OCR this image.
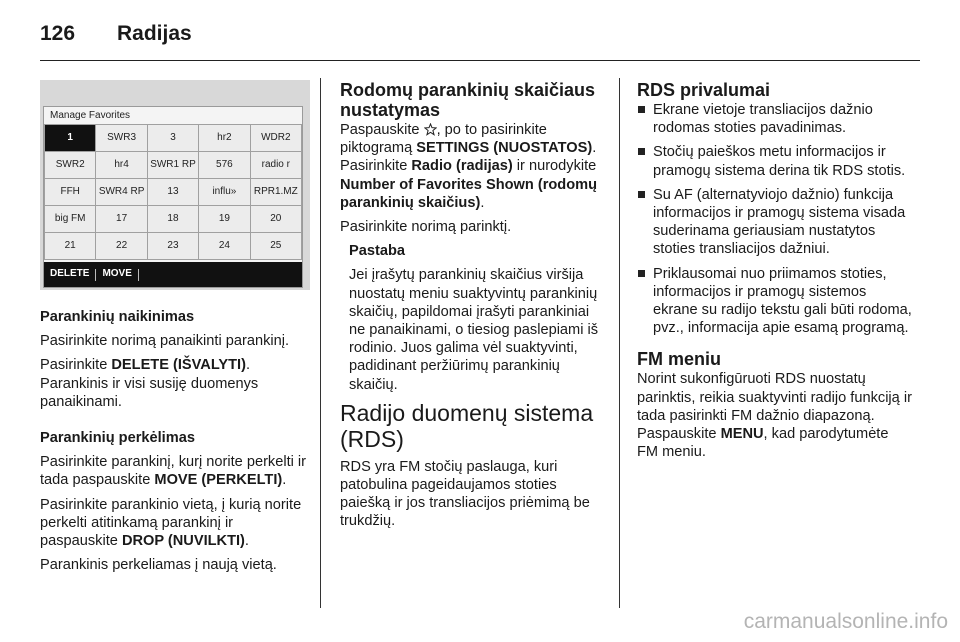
126 Radijas
Manage Favorites
1	SWR3	3	hr2	WDR2
SWR2	hr4	SWR1 RP	576	radio r
FFH	SWR4 RP	13	influ»	RPR1.MZ
big FM	17	18	19	20
21	22	23	24	25
DELETE	MOVE

Parankinių naikinimas

Pasirinkite norimą panaikinti parankinį.

Pasirinkite DELETE (IŠVALYTI). Parankinis ir visi susiję duomenys panaikinami.

Parankinių perkėlimas

Pasirinkite parankinį, kurį norite perkelti ir tada paspauskite MOVE (PERKELTI).

Pasirinkite parankinio vietą, į kurią norite perkelti atitinkamą parankinį ir paspauskite DROP (NUVILKTI).

Parankinis perkeliamas į naują vietą.

Rodomų parankinių skaičiaus nustatymas

Paspauskite , po to pasirinkite piktogramą SETTINGS (NUOSTATOS). Pasirinkite Radio (radijas) ir nurodykite Number of Favorites Shown (rodomų parankinių skaičius).

Pasirinkite norimą parinktį.

Pastaba

Jei įrašytų parankinių skaičius viršija nuostatų meniu suaktyvintų parankinių skaičių, papildomai įrašyti parankiniai ne panaikinami, o tiesiog paslepiami iš rodinio. Juos galima vėl suaktyvinti, padidinant peržiūrimų parankinių skaičių.

Radijo duomenų sistema (RDS)

RDS yra FM stočių paslauga, kuri patobulina pageidaujamos stoties paiešką ir jos transliacijos priėmimą be trukdžių.

RDS privalumai
Ekrane vietoje transliacijos dažnio rodomas stoties pavadinimas.
Stočių paieškos metu informacijos ir pramogų sistema derina tik RDS stotis.
Su AF (alternatyviojo dažnio) funkcija informacijos ir pramogų sistema visada suderinama geriausiam nustatytos stoties transliacijos dažniui.
Priklausomai nuo priimamos stoties, informacijos ir pramogų sistemos ekrane su radijo tekstu gali būti rodoma, pvz., informacija apie esamą programą.
FM meniu

Norint sukonfigūruoti RDS nuostatų parinktis, reikia suaktyvinti radijo funkciją ir tada pasirinkti FM dažnio diapazoną. Paspauskite MENU, kad parodytumėte FM meniu.

carmanualsonline.info
